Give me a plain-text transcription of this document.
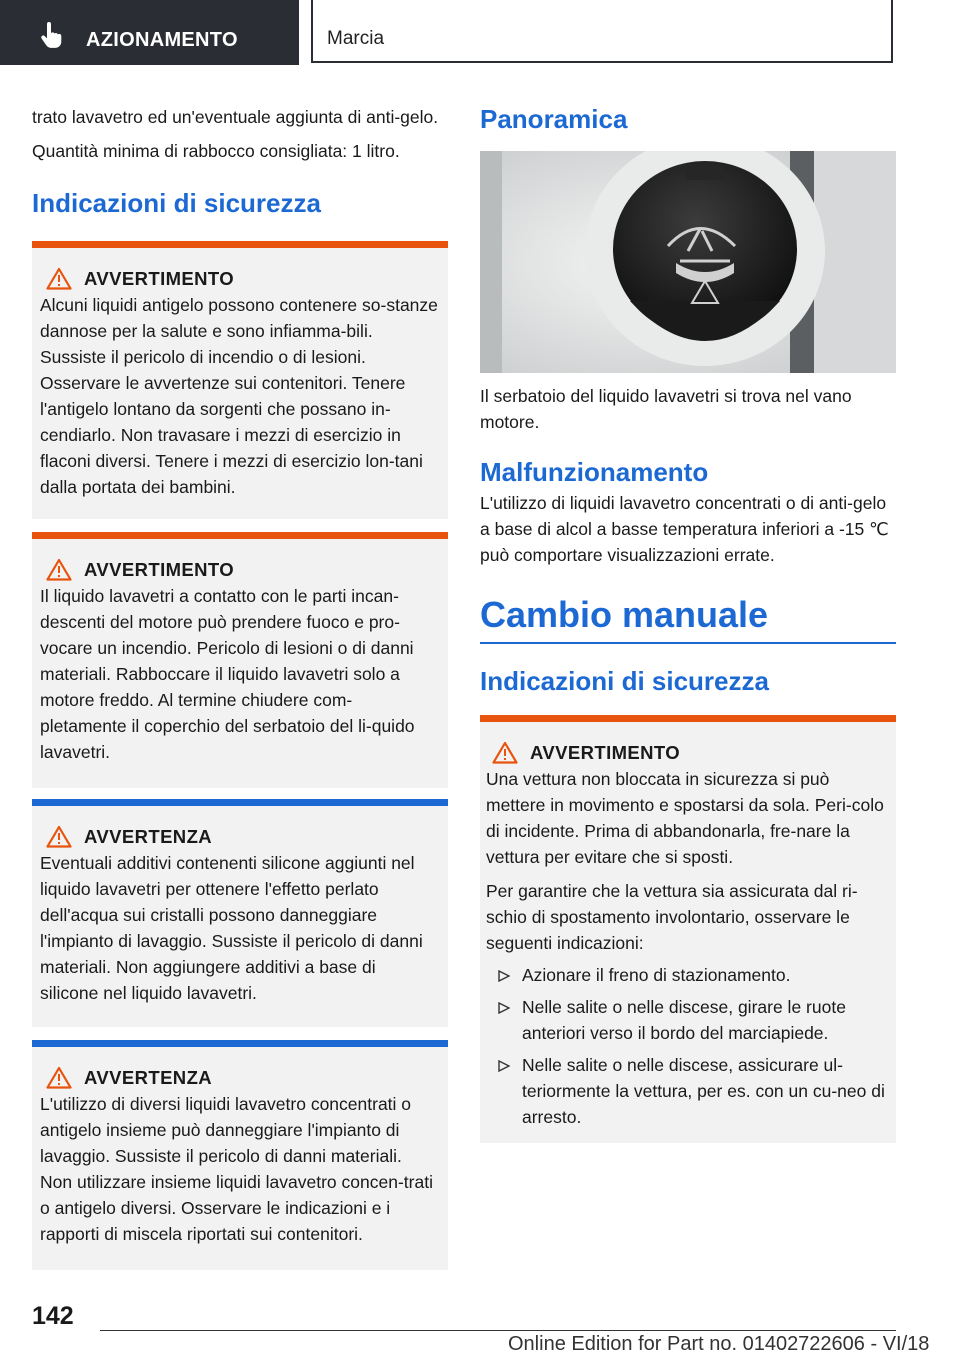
AZIONAMENTO	Marcia

trato lavavetro ed un'eventuale aggiunta di anti-gelo.

Quantità minima di rabbocco consigliata: 1 litro.

Indicazioni di sicurezza
AVVERTIMENTO

Alcuni liquidi antigelo possono contenere so-stanze dannose per la salute e sono infiamma-bili. Sussiste il pericolo di incendio o di lesioni. Osservare le avvertenze sui contenitori. Tenere l'antigelo lontano da sorgenti che possano in-cendiarlo. Non travasare i mezzi di esercizio in flaconi diversi. Tenere i mezzi di esercizio lon-tani dalla portata dei bambini.

AVVERTIMENTO

Il liquido lavavetri a contatto con le parti incan-descenti del motore può prendere fuoco e pro-vocare un incendio. Pericolo di lesioni o di danni materiali. Rabboccare il liquido lavavetri solo a motore freddo. Al termine chiudere com-pletamente il coperchio del serbatoio del li-quido lavavetri.

AVVERTENZA

Eventuali additivi contenenti silicone aggiunti nel liquido lavavetri per ottenere l'effetto perlato dell'acqua sui cristalli possono danneggiare l'impianto di lavaggio. Sussiste il pericolo di danni materiali. Non aggiungere additivi a base di silicone nel liquido lavavetri.

AVVERTENZA

L'utilizzo di diversi liquidi lavavetro concentrati o antigelo insieme può danneggiare l'impianto di lavaggio. Sussiste il pericolo di danni materiali. Non utilizzare insieme liquidi lavavetro concen-trati o antigelo diversi. Osservare le indicazioni e i rapporti di miscela riportati sui contenitori.

Panoramica

Il serbatoio del liquido lavavetri si trova nel vano motore.

Malfunzionamento

L'utilizzo di liquidi lavavetro concentrati o di anti-gelo a base di alcol a basse temperatura inferiori a -15 ℃ può comportare visualizzazioni errate.

Cambio manuale
Indicazioni di sicurezza
AVVERTIMENTO

Una vettura non bloccata in sicurezza si può mettere in movimento e spostarsi da sola. Peri-colo di incidente. Prima di abbandonarla, fre-nare la vettura per evitare che si sposti.

Per garantire che la vettura sia assicurata dal ri-schio di spostamento involontario, osservare le seguenti indicazioni:

Azionare il freno di stazionamento.
Nelle salite o nelle discese, girare le ruote anteriori verso il bordo del marciapiede.
Nelle salite o nelle discese, assicurare ul-teriormente la vettura, per es. con un cu-neo di arresto.
142
Online Edition for Part no. 01402722606 - VI/18
